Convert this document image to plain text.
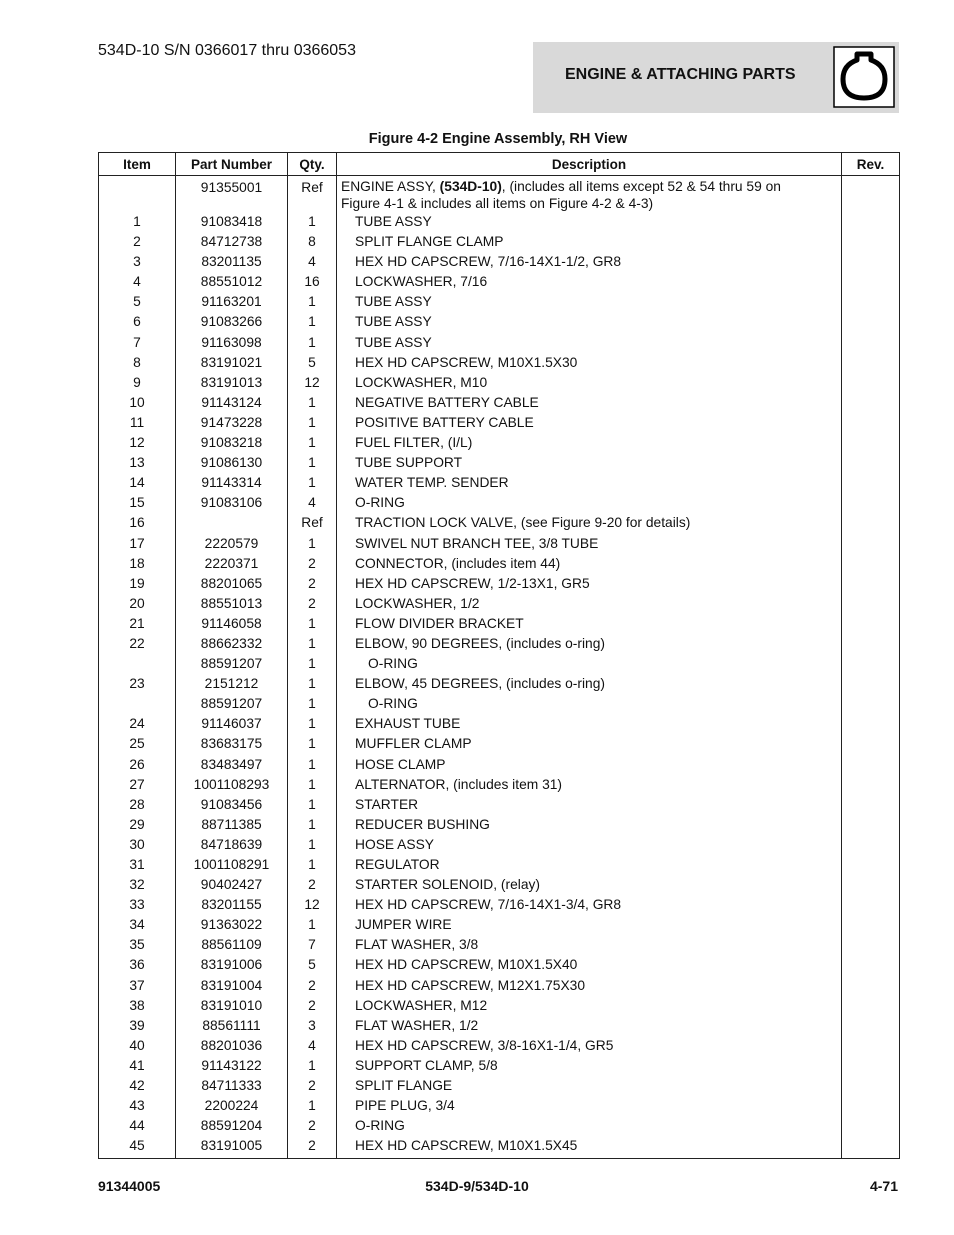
534D-10 S/N 0366017 thru 0366053
ENGINE & ATTACHING PARTS
Figure 4-2 Engine Assembly, RH View
Item	Part Number	Qty.	Description	Rev.
	91355001	Ref	ENGINE ASSY, (534D-10), (includes all items except 52 & 54 thru 59 on Figure 4-1 & includes all items on Figure 4-2 & 4-3)	

1	91083418	1	TUBE ASSY	
2	84712738	8	SPLIT FLANGE CLAMP	
3	83201135	4	HEX HD CAPSCREW, 7/16-14X1-1/2, GR8	
4	88551012	16	LOCKWASHER, 7/16	
5	91163201	1	TUBE ASSY	
6	91083266	1	TUBE ASSY	
7	91163098	1	TUBE ASSY	
8	83191021	5	HEX HD CAPSCREW, M10X1.5X30	
9	83191013	12	LOCKWASHER, M10	
10	91143124	1	NEGATIVE BATTERY CABLE	
11	91473228	1	POSITIVE BATTERY CABLE	
12	91083218	1	FUEL FILTER, (I/L)	
13	91086130	1	TUBE SUPPORT	
14	91143314	1	WATER TEMP. SENDER	
15	91083106	4	O-RING	
16		Ref	TRACTION LOCK VALVE, (see Figure 9-20 for details)	
17	2220579	1	SWIVEL NUT BRANCH TEE, 3/8 TUBE	
18	2220371	2	CONNECTOR, (includes item 44)	
19	88201065	2	HEX HD CAPSCREW, 1/2-13X1, GR5	
20	88551013	2	LOCKWASHER, 1/2	
21	91146058	1	FLOW DIVIDER BRACKET	
22	88662332	1	ELBOW, 90 DEGREES, (includes o-ring)	
	88591207	1	O-RING	
23	2151212	1	ELBOW, 45 DEGREES, (includes o-ring)	
	88591207	1	O-RING	
24	91146037	1	EXHAUST TUBE	
25	83683175	1	MUFFLER CLAMP	
26	83483497	1	HOSE CLAMP	
27	1001108293	1	ALTERNATOR, (includes item 31)	
28	91083456	1	STARTER	
29	88711385	1	REDUCER BUSHING	
30	84718639	1	HOSE ASSY	
31	1001108291	1	REGULATOR	
32	90402427	2	STARTER SOLENOID, (relay)	
33	83201155	12	HEX HD CAPSCREW, 7/16-14X1-3/4, GR8	
34	91363022	1	JUMPER WIRE	
35	88561109	7	FLAT WASHER, 3/8	
36	83191006	5	HEX HD CAPSCREW, M10X1.5X40	
37	83191004	2	HEX HD CAPSCREW, M12X1.75X30	
38	83191010	2	LOCKWASHER, M12	
39	88561111	3	FLAT WASHER, 1/2	
40	88201036	4	HEX HD CAPSCREW, 3/8-16X1-1/4, GR5	
41	91143122	1	SUPPORT CLAMP, 5/8	
42	84711333	2	SPLIT FLANGE	
43	2200224	1	PIPE PLUG, 3/4	
44	88591204	2	O-RING	
45	83191005	2	HEX HD CAPSCREW, M10X1.5X45	
91344005	534D-9/534D-10	4-71
